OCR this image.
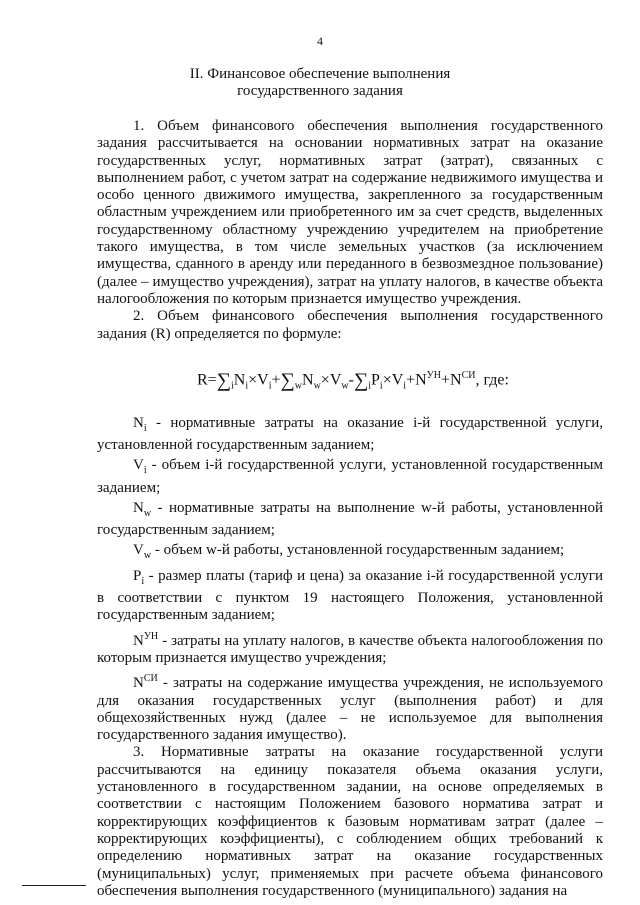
4
II. Финансовое обеспечение выполнения
государственного задания

1. Объем финансового обеспечения выполнения государственного задания рассчитывается на основании нормативных затрат на оказание государственных услуг, нормативных затрат (затрат), связанных с выполнением работ, с учетом затрат на содержание недвижимого имущества и особо ценного движимого имущества, закрепленного за государственным областным учреждением или приобретенного им за счет средств, выделенных государственному областному учреждению учредителем на приобретение такого имущества, в том числе земельных участков (за исключением имущества, сданного в аренду или переданного в безвозмездное пользование) (далее – имущество учреждения), затрат на уплату налогов, в качестве объекта налогообложения по которым признается имущество учреждения.

2. Объем финансового обеспечения выполнения государственного задания (R) определяется по формуле:

$R=\sum_iN_i\times V_i+\sum_wN_w\times V_w-\sum_iP_i\times V_i+N^{УН}+N^{СИ}$, где:

$N_i$ - нормативные затраты на оказание i-й государственной услуги, установленной государственным заданием;

$V_i$ - объем i-й государственной услуги, установленной государственным заданием;

$N_w$ - нормативные затраты на выполнение w-й работы, установленной государственным заданием;

$V_w$ - объем w-й работы, установленной государственным заданием;

$P_i$ - размер платы (тариф и цена) за оказание i-й государственной услуги в соответствии с пунктом 19 настоящего Положения, установленной государственным заданием;

$N^{УН}$ - затраты на уплату налогов, в качестве объекта налогообложения по которым признается имущество учреждения;

$N^{СИ}$ - затраты на содержание имущества учреждения, не используемого для оказания государственных услуг (выполнения работ) и для общехозяйственных нужд (далее – не используемое для выполнения государственного задания имущество).

3. Нормативные затраты на оказание государственной услуги рассчитываются на единицу показателя объема оказания услуги, установленного в государственном задании, на основе определяемых в соответствии с настоящим Положением базового норматива затрат и корректирующих коэффициентов к базовым нормативам затрат (далее – корректирующих коэффициенты), с соблюдением общих требований к определению нормативных затрат на оказание государственных (муниципальных) услуг, применяемых при расчете объема финансового обеспечения выполнения государственного (муниципального) задания на
